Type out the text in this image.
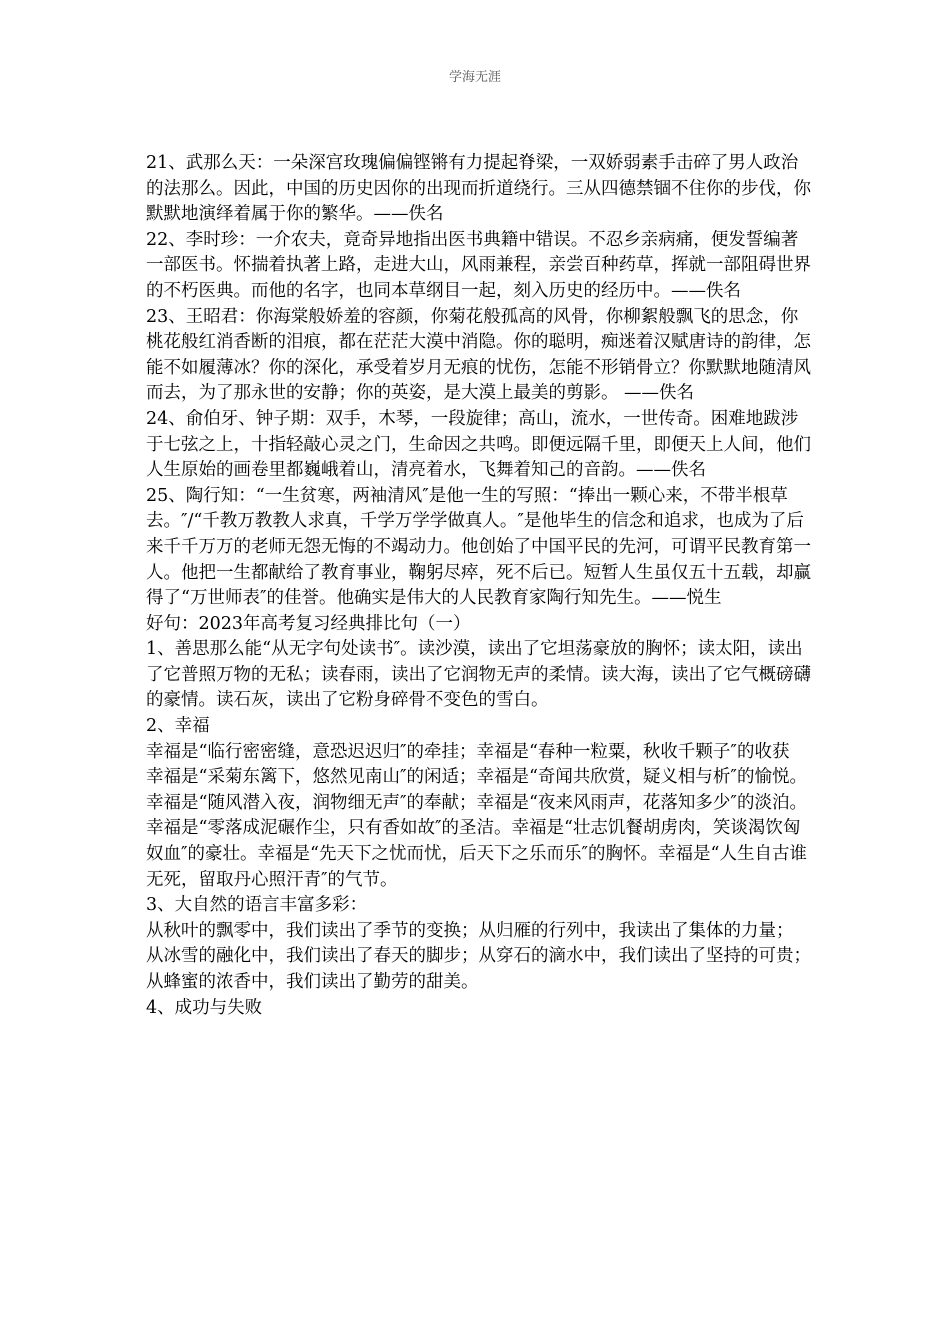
学海无涯

21、武那么天：一朵深宫玫瑰偏偏铿锵有力提起脊梁，一双娇弱素手击碎了男人政治的法那么。因此，中国的历史因你的出现而折道绕行。三从四德禁锢不住你的步伐，你默默地演绎着属于你的繁华。——佚名

22、李时珍：一介农夫，竟奇异地指出医书典籍中错误。不忍乡亲病痛，便发誓编著一部医书。怀揣着执著上路，走进大山，风雨兼程，亲尝百种药草，挥就一部阻碍世界的不朽医典。而他的名字，也同本草纲目一起，刻入历史的经历中。——佚名

23、王昭君：你海棠般娇羞的容颜，你菊花般孤高的风骨，你柳絮般飘飞的思念，你桃花般红消香断的泪痕，都在茫茫大漠中消隐。你的聪明，痴迷着汉赋唐诗的韵律，怎能不如履薄冰？你的深化，承受着岁月无痕的忧伤，怎能不形销骨立？你默默地随清风而去，为了那永世的安静；你的英姿，是大漠上最美的剪影。 ——佚名

24、俞伯牙、钟子期：双手，木琴，一段旋律；高山，流水，一世传奇。困难地跋涉于七弦之上，十指轻敲心灵之门，生命因之共鸣。即便远隔千里，即便天上人间，他们人生原始的画卷里都巍峨着山，清亮着水，飞舞着知己的音韵。——佚名

25、陶行知：“一生贫寒，两袖清风″是他一生的写照：“捧出一颗心来，不带半根草去。″/“千教万教教人求真，千学万学学做真人。″是他毕生的信念和追求，也成为了后来千千万万的老师无怨无悔的不竭动力。他创始了中国平民的先河，可谓平民教育第一人。他把一生都献给了教育事业，鞠躬尽瘁，死不后已。短暂人生虽仅五十五载，却赢得了“万世师表″的佳誉。他确实是伟大的人民教育家陶行知先生。——悦生

好句：2023年高考复习经典排比句（一）

1、善思那么能“从无字句处读书″。读沙漠，读出了它坦荡豪放的胸怀；读太阳，读出了它普照万物的无私；读春雨，读出了它润物无声的柔情。读大海，读出了它气概磅礴的豪情。读石灰，读出了它粉身碎骨不变色的雪白。

2、幸福

幸福是“临行密密缝，意恐迟迟归″的牵挂；幸福是“春种一粒粟，秋收千颗子″的收获

幸福是“采菊东篱下，悠然见南山″的闲适；幸福是“奇闻共欣赏，疑义相与析″的愉悦。

幸福是“随风潜入夜，润物细无声″的奉献；幸福是“夜来风雨声，花落知多少″的淡泊。

幸福是“零落成泥碾作尘，只有香如故″的圣洁。幸福是“壮志饥餐胡虏肉，笑谈渴饮匈奴血″的豪壮。幸福是“先天下之忧而忧，后天下之乐而乐″的胸怀。幸福是“人生自古谁无死，留取丹心照汗青″的气节。

3、大自然的语言丰富多彩：

从秋叶的飘零中，我们读出了季节的变换；从归雁的行列中，我读出了集体的力量；

从冰雪的融化中，我们读出了春天的脚步；从穿石的滴水中，我们读出了坚持的可贵；

从蜂蜜的浓香中，我们读出了勤劳的甜美。

4、成功与失败
